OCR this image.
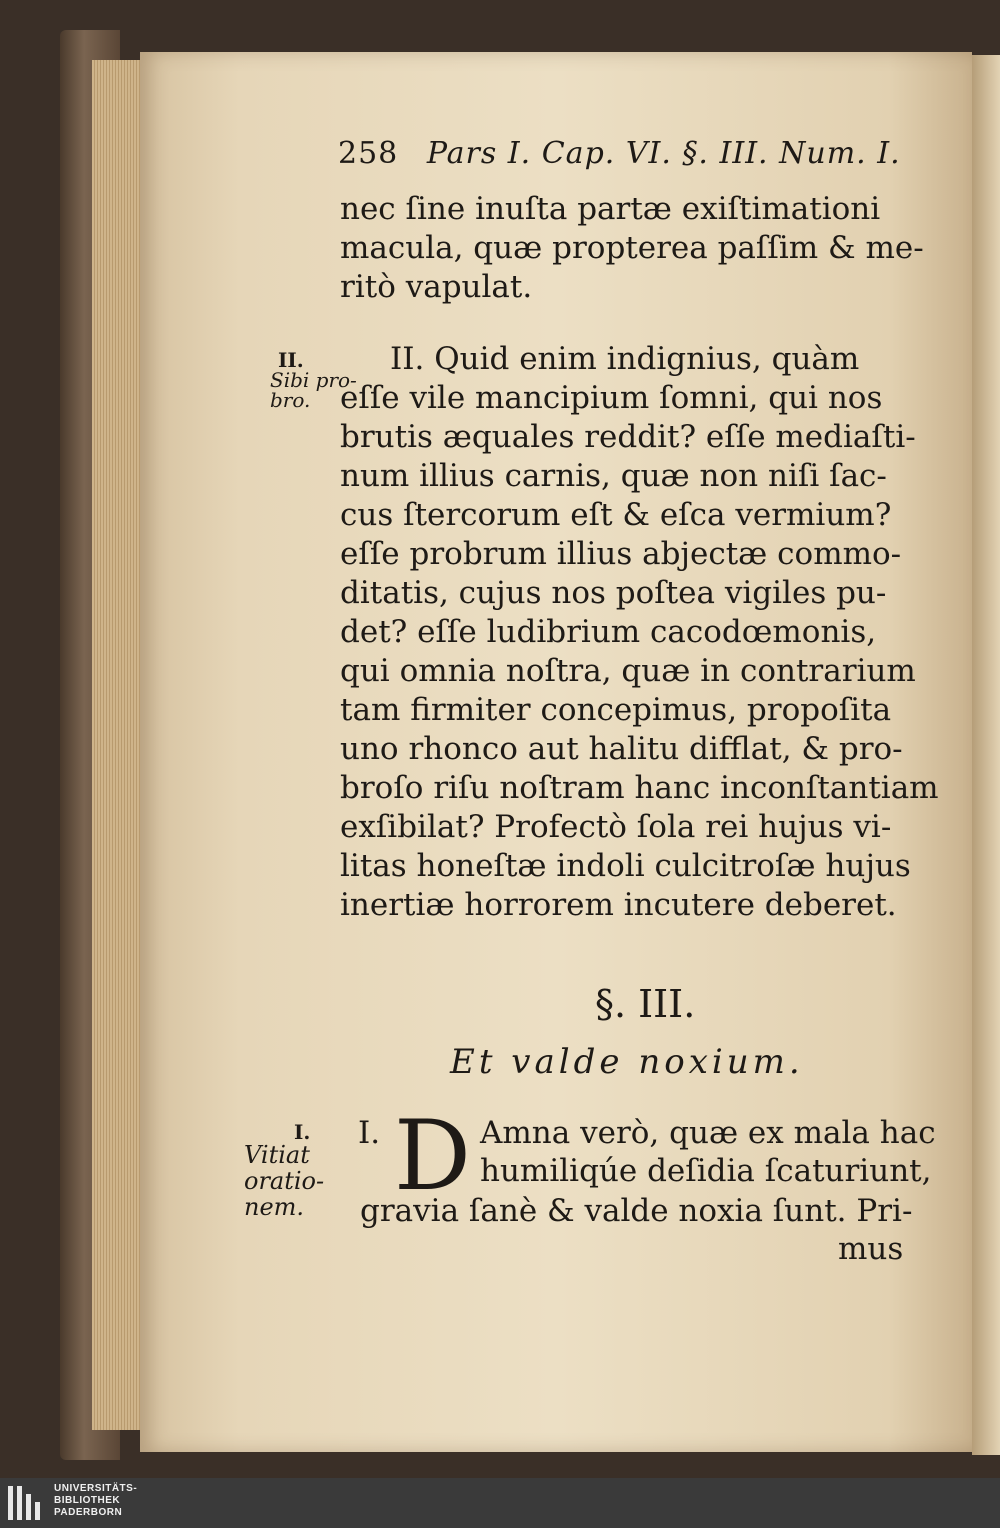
258 Pars I. Cap. VI. §. III. Num. I.
nec ſine inuſta partæ exiſtimationi
macula, quæ propterea paſſim & me-
ritò vapulat.
II.
Sibi pro-
bro.
II. Quid enim indignius, quàm
eſſe vile mancipium ſomni, qui nos
brutis æquales reddit? eſſe mediaſti-
num illius carnis, quæ non niſi ſac-
cus ſtercorum eſt & eſca vermium?
eſſe probrum illius abjectæ commo-
ditatis, cujus nos poſtea vigiles pu-
det? eſſe ludibrium cacodœmonis,
qui omnia noſtra, quæ in contrarium
tam firmiter concepimus, propoſita
uno rhonco aut halitu difflat, & pro-
broſo riſu noſtram hanc inconſtantiam
exſibilat? Profectò ſola rei hujus vi-
litas honeſtæ indoli culcitroſæ hujus
inertiæ horrorem incutere deberet.
§. III.
Et valde noxium.
I.
Vitiat
oratio-
nem.
I. D Amna verò, quæ ex mala hac
humiliqúe deſidia ſcaturiunt,
gravia ſanè & valde noxia ſunt. Pri-
mus
UNIVERSITÄTS-
BIBLIOTHEK
PADERBORN
